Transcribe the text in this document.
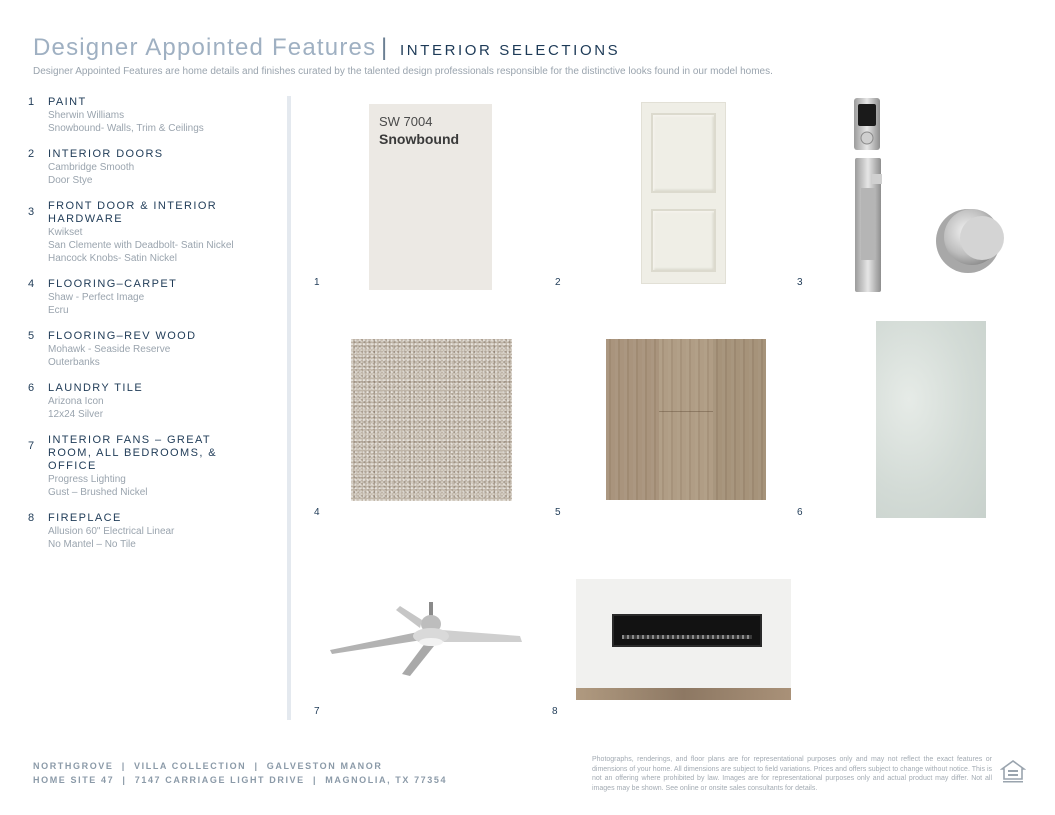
Designer Appointed Features | INTERIOR SELECTIONS
Designer Appointed Features are home details and finishes curated by the talented design professionals responsible for the distinctive looks found in our model homes.
1 PAINT
Sherwin Williams
Snowbound- Walls, Trim & Ceilings
2 INTERIOR DOORS
Cambridge Smooth
Door Stye
3 FRONT DOOR & INTERIOR HARDWARE
Kwikset
San Clemente with Deadbolt- Satin Nickel
Hancock Knobs- Satin Nickel
4 FLOORING–CARPET
Shaw - Perfect Image
Ecru
5 FLOORING–REV WOOD
Mohawk - Seaside Reserve
Outerbanks
6 LAUNDRY TILE
Arizona Icon
12x24 Silver
7 INTERIOR FANS – GREAT ROOM, ALL BEDROOMS, & OFFICE
Progress Lighting
Gust – Brushed Nickel
8 FIREPLACE
Allusion 60" Electrical Linear
No Mantel – No Tile
1	2	3
4	5	6
7	8
SW 7004
Snowbound
NORTHGROVE  |  VILLA COLLECTION  |  GALVESTON MANOR
HOME SITE 47  |  7147 CARRIAGE LIGHT DRIVE  |  MAGNOLIA, TX 77354
Photographs, renderings, and floor plans are for representational purposes only and may not reflect the exact features or dimensions of your home. All dimensions are subject to field variations. Prices and offers subject to change without notice. This is not an offering where prohibited by law. Images are for representational purposes only and actual product may differ. Not all images may be shown. See online or onsite sales consultants for details.
